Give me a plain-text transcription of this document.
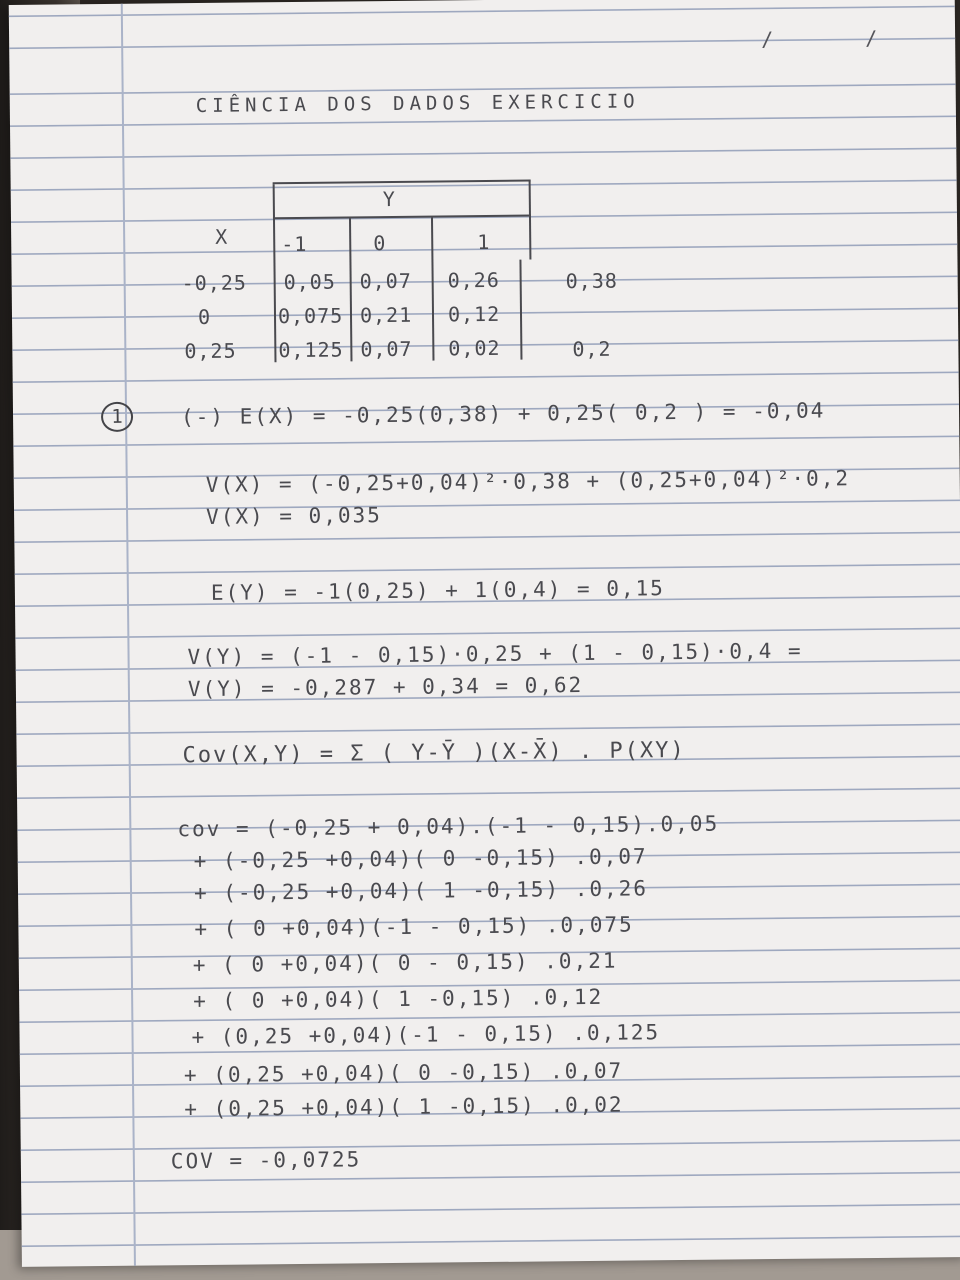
/ /
CIÊNCIA DOS DADOS EXERCICIO
Y
X	-1	0	1
-0,25 0,05 0,07 0,26	0,38
0	0,075 0,21 0,12
0,25 0,125 0,07 0,02	0,2
1	(-) E(X) = -0,25(0,38) + 0,25( 0,2 ) = -0,04
V(X) = (-0,25+0,04)²·0,38 + (0,25+0,04)²·0,2
V(X) = 0,035
E(Y) = -1(0,25) + 1(0,4) = 0,15
V(Y) = (-1 - 0,15)·0,25 + (1 - 0,15)·0,4 =
V(Y) = -0,287 + 0,34 = 0,62
Cov(X,Y) = Σ ( Y-Ȳ )(X-X̄) . P(XY)
cov = (-0,25 + 0,04).(-1 - 0,15).0,05
+ (-0,25 +0,04)( 0 -0,15) .0,07
+ (-0,25 +0,04)( 1 -0,15) .0,26
+ ( 0 +0,04)(-1 - 0,15) .0,075
+ ( 0 +0,04)( 0 - 0,15) .0,21
+ ( 0 +0,04)( 1 -0,15) .0,12
+ (0,25 +0,04)(-1 - 0,15) .0,125
+ (0,25 +0,04)( 0 -0,15) .0,07
+ (0,25 +0,04)( 1 -0,15) .0,02
COV = -0,0725
